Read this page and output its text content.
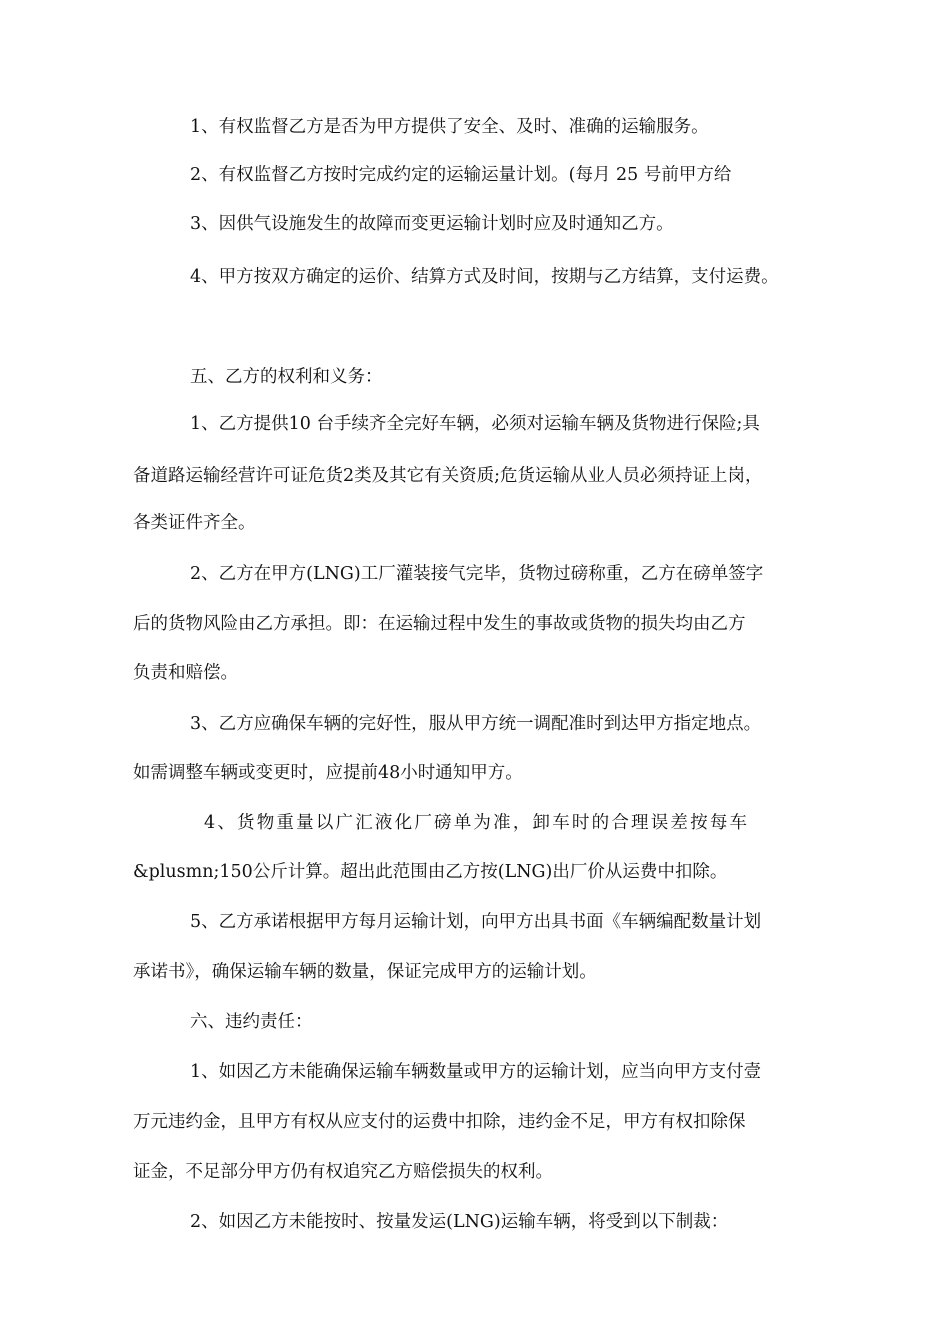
1、有权监督乙方是否为甲方提供了安全、及时、准确的运输服务。

2、有权监督乙方按时完成约定的运输运量计划。(每月 25 号前甲方给

3、因供气设施发生的故障而变更运输计划时应及时通知乙方。

4、甲方按双方确定的运价、结算方式及时间，按期与乙方结算，支付运费。

五、乙方的权利和义务：

1、乙方提供10 台手续齐全完好车辆，必须对运输车辆及货物进行保险;具

备道路运输经营许可证危货2类及其它有关资质;危货运输从业人员必须持证上岗，

各类证件齐全。

2、乙方在甲方(LNG)工厂灌装接气完毕，货物过磅称重，乙方在磅单签字

后的货物风险由乙方承担。即：在运输过程中发生的事故或货物的损失均由乙方

负责和赔偿。

3、乙方应确保车辆的完好性，服从甲方统一调配准时到达甲方指定地点。

如需调整车辆或变更时，应提前48小时通知甲方。

4、货物重量以广汇液化厂磅单为准，卸车时的合理误差按每车

&plusmn;150公斤计算。超出此范围由乙方按(LNG)出厂价从运费中扣除。

5、乙方承诺根据甲方每月运输计划，向甲方出具书面《车辆编配数量计划

承诺书》，确保运输车辆的数量，保证完成甲方的运输计划。

六、违约责任：

1、如因乙方未能确保运输车辆数量或甲方的运输计划，应当向甲方支付壹

万元违约金，且甲方有权从应支付的运费中扣除，违约金不足，甲方有权扣除保

证金，不足部分甲方仍有权追究乙方赔偿损失的权利。

2、如因乙方未能按时、按量发运(LNG)运输车辆，将受到以下制裁：
